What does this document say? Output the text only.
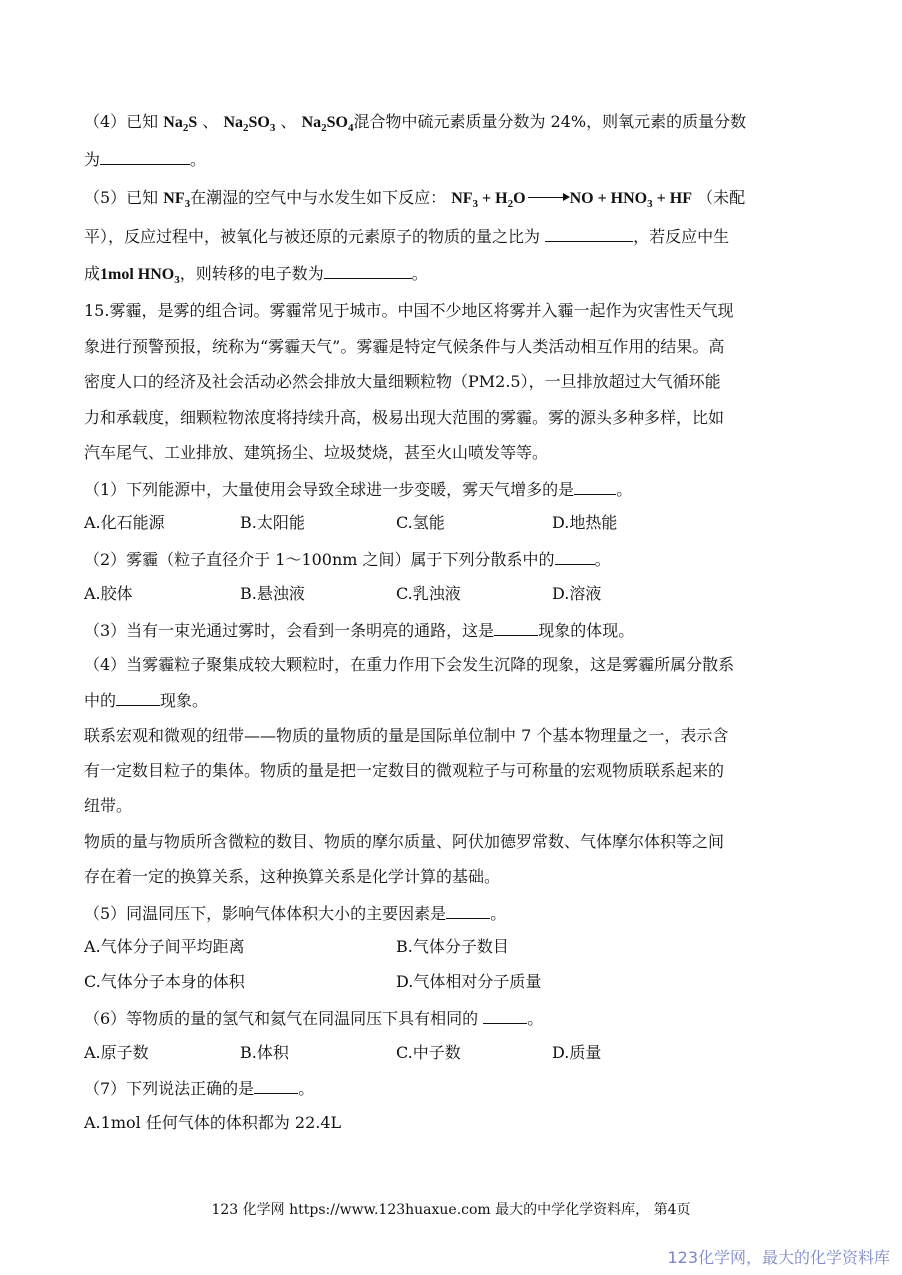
（4）已知 $Na_2S$ 、 $Na_2SO_3$ 、 $Na_2SO_4$混合物中硫元素质量分数为 24%，则氧元素的质量分数
为	。
（5）已知 $NF_3$在潮湿的空气中与水发生如下反应： $NF_3 + H_2O$	NO + $HNO_3$ + HF （未配
平），反应过程中，被氧化与被还原的元素原子的物质的量之比为	，若反应中生
成1mol $HNO_3$，则转移的电子数为	。
15.雾霾，是雾的组合词。雾霾常见于城市。中国不少地区将雾并入霾一起作为灾害性天气现
象进行预警预报，统称为“雾霾天气”。雾霾是特定气候条件与人类活动相互作用的结果。高
密度人口的经济及社会活动必然会排放大量细颗粒物（PM2.5），一旦排放超过大气循环能
力和承载度，细颗粒物浓度将持续升高，极易出现大范围的雾霾。雾的源头多种多样，比如
汽车尾气、工业排放、建筑扬尘、垃圾焚烧，甚至火山喷发等等。
（1）下列能源中，大量使用会导致全球进一步变暖，雾天气增多的是	。
A.化石能源	B.太阳能	C.氢能	D.地热能
（2）雾霾（粒子直径介于 1～100nm 之间）属于下列分散系中的	。
A.胶体	B.悬浊液	C.乳浊液	D.溶液
（3）当有一束光通过雾时，会看到一条明亮的通路，这是	现象的体现。
（4）当雾霾粒子聚集成较大颗粒时，在重力作用下会发生沉降的现象，这是雾霾所属分散系
中的	现象。
联系宏观和微观的纽带——物质的量物质的量是国际单位制中 7 个基本物理量之一，表示含
有一定数目粒子的集体。物质的量是把一定数目的微观粒子与可称量的宏观物质联系起来的
纽带。
物质的量与物质所含微粒的数目、物质的摩尔质量、阿伏加德罗常数、气体摩尔体积等之间
存在着一定的换算关系，这种换算关系是化学计算的基础。
（5）同温同压下，影响气体体积大小的主要因素是	。
A.气体分子间平均距离	B.气体分子数目
C.气体分子本身的体积	D.气体相对分子质量
（6）等物质的量的氢气和氦气在同温同压下具有相同的	。
A.原子数	B.体积	C.中子数	D.质量
（7）下列说法正确的是	。
A.1mol 任何气体的体积都为 22.4L
123 化学网 https://www.123huaxue.com 最大的中学化学资料库， 第4页
123化学网，最大的化学资料库
